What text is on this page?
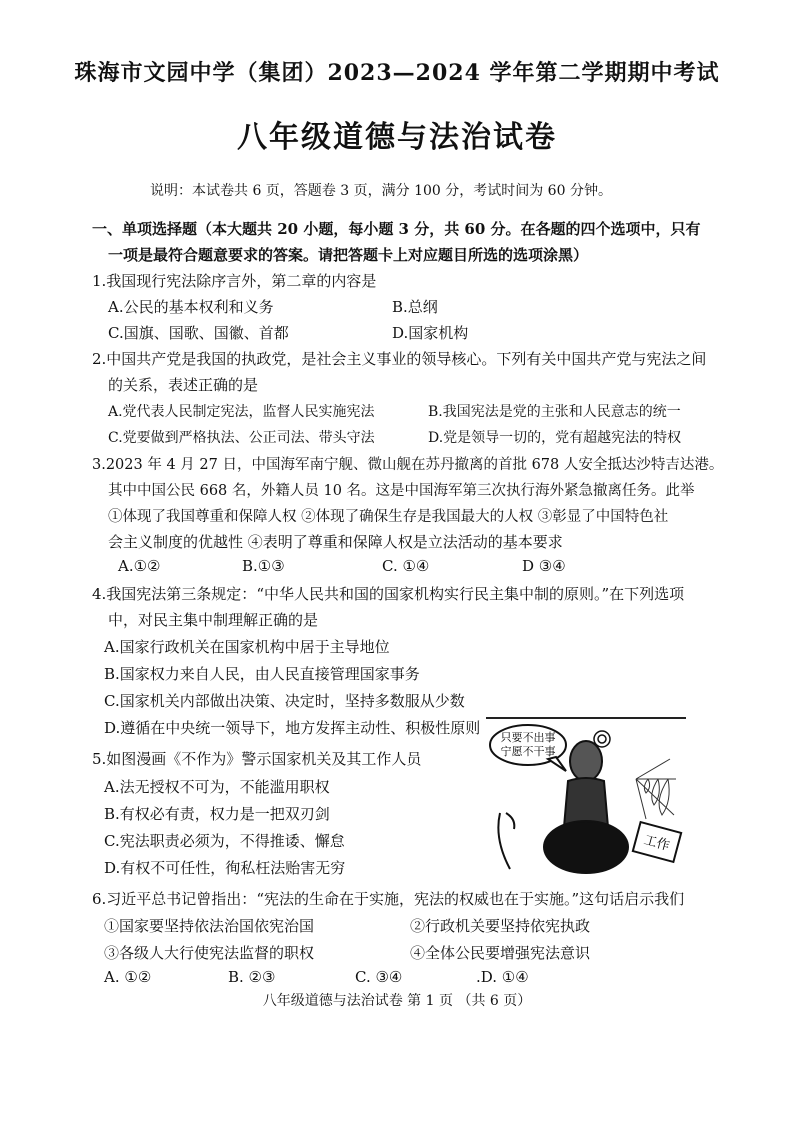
珠海市文园中学（集团）2023—2024 学年第二学期期中考试
八年级道德与法治试卷
说明：本试卷共 6 页，答题卷 3 页，满分 100 分，考试时间为 60 分钟。
一、单项选择题（本大题共 20 小题，每小题 3 分，共 60 分。在各题的四个选项中，只有
一项是最符合题意要求的答案。请把答题卡上对应题目所选的选项涂黑）
1.我国现行宪法除序言外，第二章的内容是
A.公民的基本权利和义务	B.总纲
C.国旗、国歌、国徽、首都	D.国家机构
2.中国共产党是我国的执政党，是社会主义事业的领导核心。下列有关中国共产党与宪法之间
的关系，表述正确的是
A.党代表人民制定宪法，监督人民实施宪法	B.我国宪法是党的主张和人民意志的统一
C.党要做到严格执法、公正司法、带头守法	D.党是领导一切的，党有超越宪法的特权
3.2023 年 4 月 27 日，中国海军南宁舰、微山舰在苏丹撤离的首批 678 人安全抵达沙特吉达港。
其中中国公民 668 名，外籍人员 10 名。这是中国海军第三次执行海外紧急撤离任务。此举
①体现了我国尊重和保障人权 ②体现了确保生存是我国最大的人权 ③彰显了中国特色社
会主义制度的优越性 ④表明了尊重和保障人权是立法活动的基本要求
A.①②	B.①③	C. ①④	D ③④
4.我国宪法第三条规定：“中华人民共和国的国家机构实行民主集中制的原则。”在下列选项
中，对民主集中制理解正确的是
A.国家行政机关在国家机构中居于主导地位
B.国家权力来自人民，由人民直接管理国家事务
C.国家机关内部做出决策、决定时，坚持多数服从少数
D.遵循在中央统一领导下，地方发挥主动性、积极性原则
5.如图漫画《不作为》警示国家机关及其工作人员
A.法无授权不可为，不能滥用职权
B.有权必有责，权力是一把双刃剑
C.宪法职责必须为，不得推诿、懈怠
D.有权不可任性，徇私枉法贻害无穷
只要不出事
宁愿不干事
工作
6.习近平总书记曾指出：“宪法的生命在于实施，宪法的权威也在于实施。”这句话启示我们
①国家要坚持依法治国依宪治国	②行政机关要坚持依宪执政
③各级人大行使宪法监督的职权	④全体公民要增强宪法意识
A. ①②	B. ②③	C. ③④	.D. ①④
八年级道德与法治试卷 第 1 页 （共 6 页）
